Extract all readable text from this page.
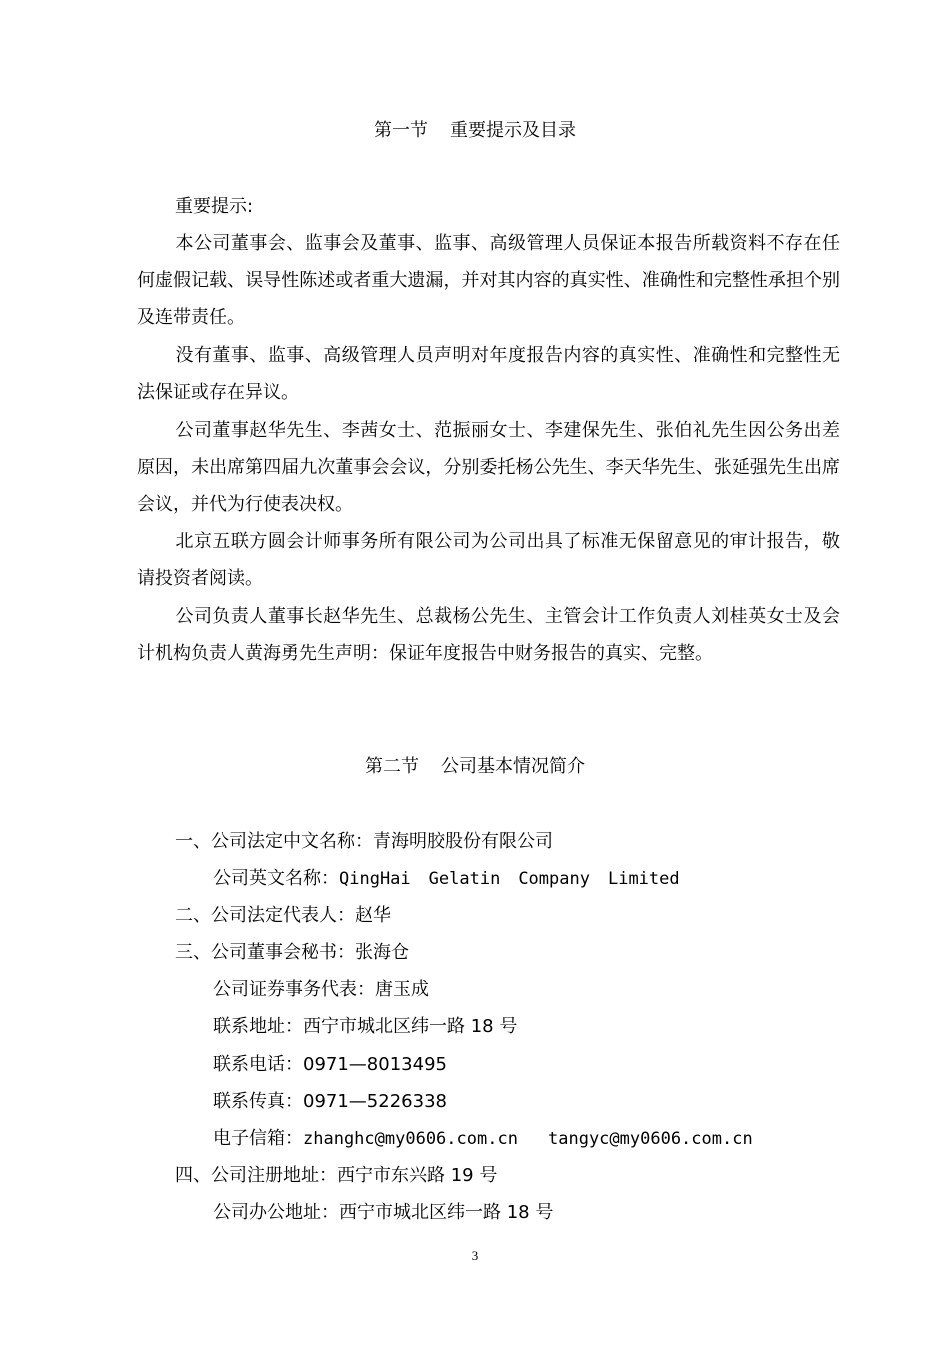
第一节 重要提示及目录
重要提示:

本公司董事会、监事会及董事、监事、高级管理人员保证本报告所载资料不存在任何虚假记载、误导性陈述或者重大遗漏，并对其内容的真实性、准确性和完整性承担个别及连带责任。

没有董事、监事、高级管理人员声明对年度报告内容的真实性、准确性和完整性无法保证或存在异议。

公司董事赵华先生、李茜女士、范振丽女士、李建保先生、张伯礼先生因公务出差原因，未出席第四届九次董事会会议，分别委托杨公先生、李天华先生、张延强先生出席会议，并代为行使表决权。

北京五联方圆会计师事务所有限公司为公司出具了标准无保留意见的审计报告，敬请投资者阅读。

公司负责人董事长赵华先生、总裁杨公先生、主管会计工作负责人刘桂英女士及会计机构负责人黄海勇先生声明：保证年度报告中财务报告的真实、完整。

第二节 公司基本情况简介
一、公司法定中文名称：青海明胶股份有限公司
公司英文名称：QingHai Gelatin Company Limited
二、公司法定代表人：赵华
三、公司董事会秘书：张海仓
公司证券事务代表：唐玉成
联系地址：西宁市城北区纬一路 18 号
联系电话：0971—8013495
联系传真：0971—5226338
电子信箱：zhanghc@my0606.com.cn tangyc@my0606.com.cn
四、公司注册地址：西宁市东兴路 19 号
公司办公地址：西宁市城北区纬一路 18 号
3
